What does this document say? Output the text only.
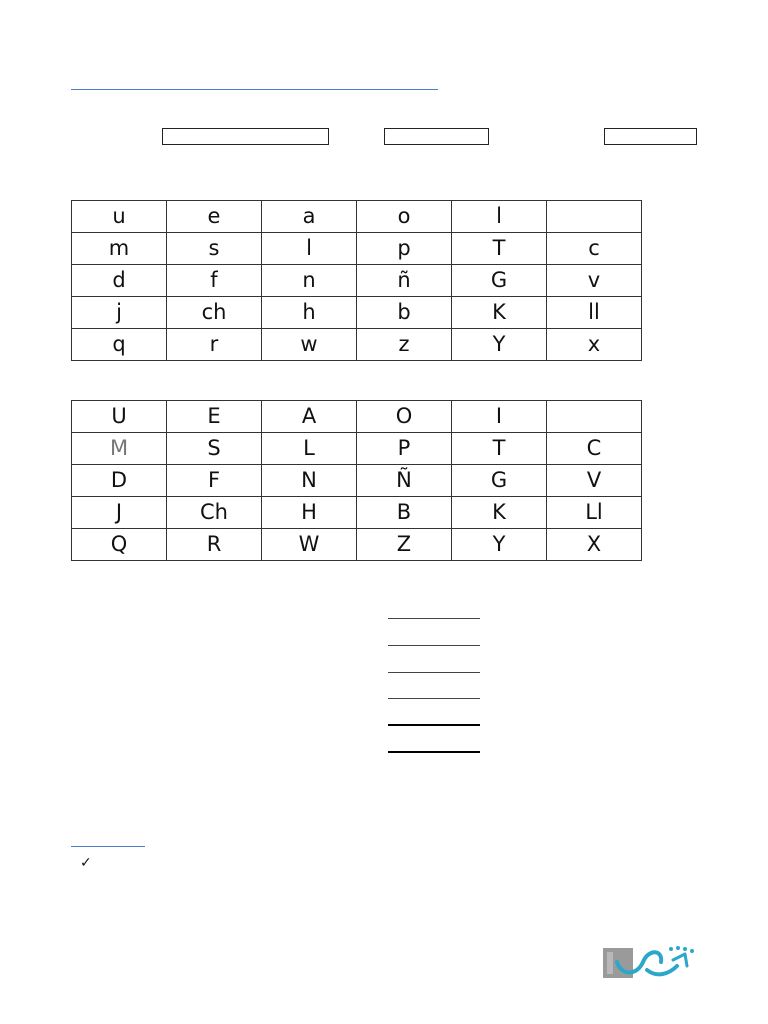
u	e	a	o	l	
m	s	l	p	T	c
d	f	n	ñ	G	v
j	ch	h	b	K	ll
q	r	w	z	Y	x
U	E	A	O	I	
M	S	L	P	T	C
D	F	N	Ñ	G	V
J	Ch	H	B	K	Ll
Q	R	W	Z	Y	X
✓
